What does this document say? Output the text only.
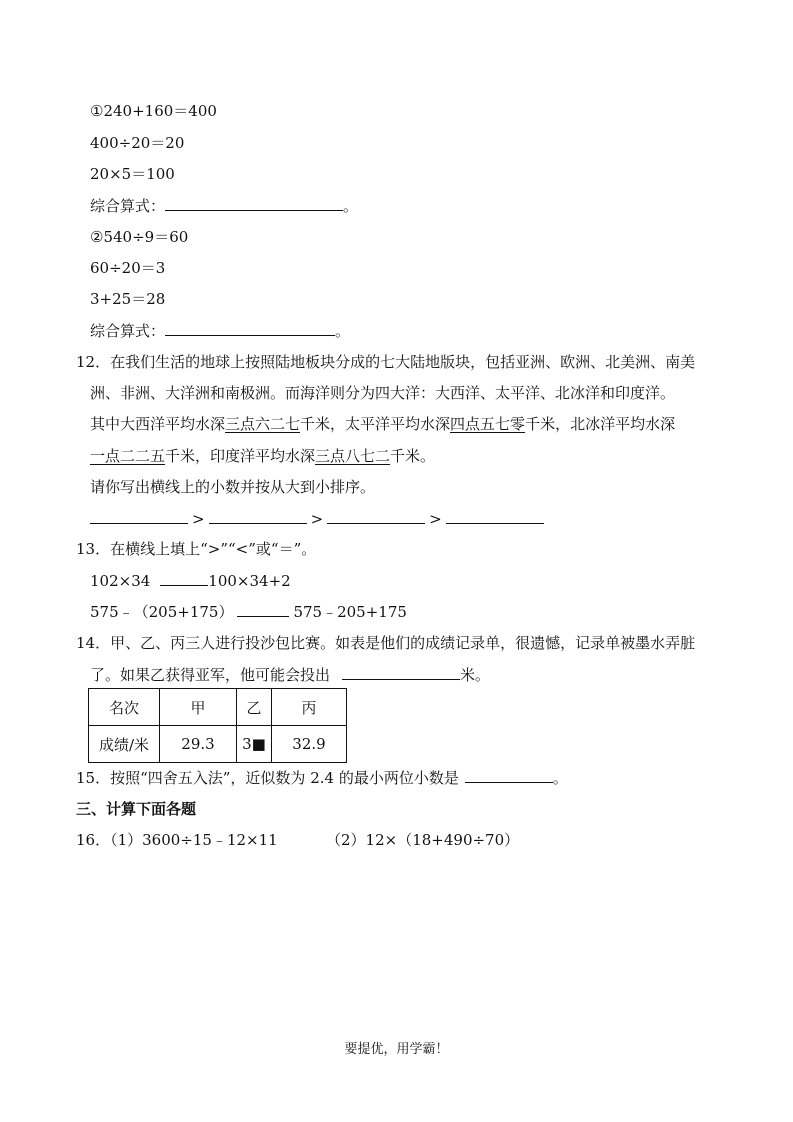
①240+160＝400
400÷20＝20
20×5＝100
综合算式：	。
②540÷9＝60
60÷20＝3
3+25＝28
综合算式：	。
12．在我们生活的地球上按照陆地板块分成的七大陆地版块，包括亚洲、欧洲、北美洲、南美
洲、非洲、大洋洲和南极洲。而海洋则分为四大洋：大西洋、太平洋、北冰洋和印度洋。
其中大西洋平均水深三点六二七千米，太平洋平均水深四点五七零千米，北冰洋平均水深
一点二二五千米，印度洋平均水深三点八七二千米。
请你写出横线上的小数并按从大到小排序。
>	>	>
13．在横线上填上“>”“<”或“＝”。
102×34	100×34+2
575﹣（205+175）	575﹣205+175
14．甲、乙、丙三人进行投沙包比赛。如表是他们的成绩记录单，很遗憾，记录单被墨水弄脏
了。如果乙获得亚军，他可能会投出	米。
名次	甲	乙	丙
成绩/米	29.3	3■	32.9
15．按照“四舍五入法”，近似数为 2.4 的最小两位小数是	。
三、计算下面各题
16．（1）3600÷15﹣12×11	（2）12×（18+490÷70）
要提优，用学霸！
